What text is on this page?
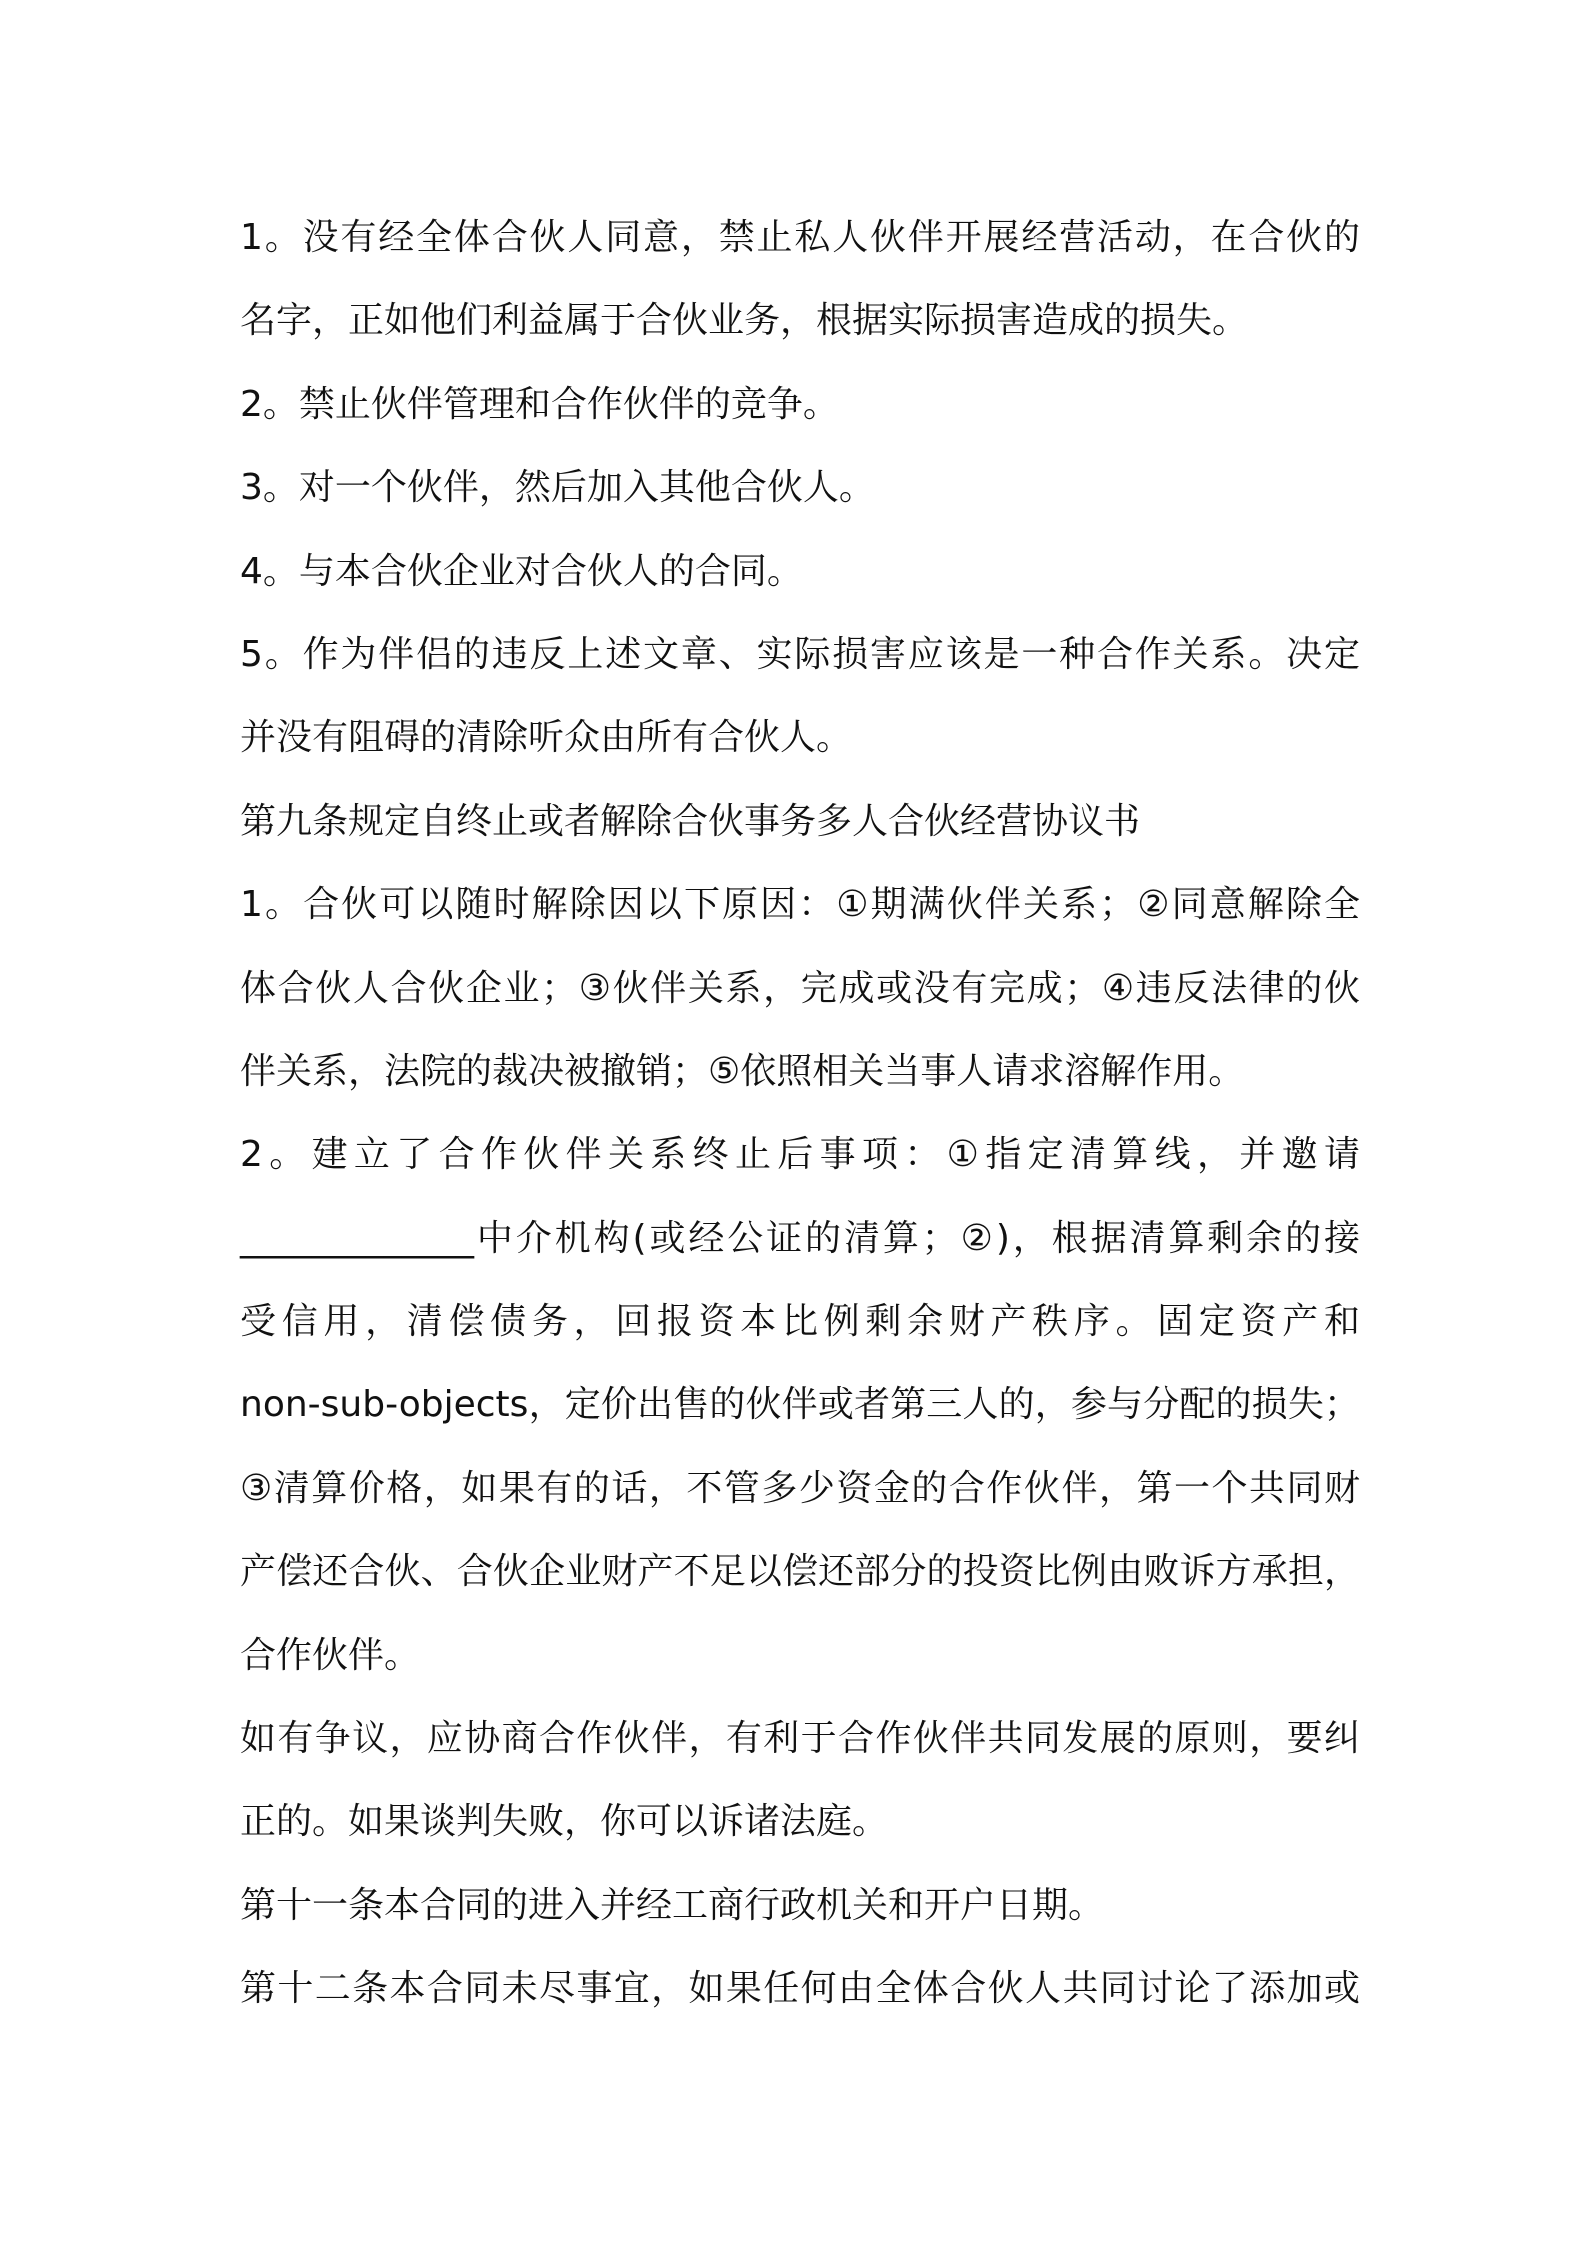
1。没有经全体合伙人同意，禁止私人伙伴开展经营活动，在合伙的
名字，正如他们利益属于合伙业务，根据实际损害造成的损失。
2。禁止伙伴管理和合作伙伴的竞争。
3。对一个伙伴，然后加入其他合伙人。
4。与本合伙企业对合伙人的合同。
5。作为伴侣的违反上述文章、实际损害应该是一种合作关系。决定
并没有阻碍的清除听众由所有合伙人。
第九条规定自终止或者解除合伙事务多人合伙经营协议书
1。合伙可以随时解除因以下原因：①期满伙伴关系；②同意解除全
体合伙人合伙企业；③伙伴关系，完成或没有完成；④违反法律的伙
伴关系，法院的裁决被撤销；⑤依照相关当事人请求溶解作用。
2。建立了合作伙伴关系终止后事项：①指定清算线，并邀请
_____________中介机构(或经公证的清算；②)，根据清算剩余的接
受信用，清偿债务，回报资本比例剩余财产秩序。固定资产和
non-sub-objects，定价出售的伙伴或者第三人的，参与分配的损失；
③清算价格，如果有的话，不管多少资金的合作伙伴，第一个共同财
产偿还合伙、合伙企业财产不足以偿还部分的投资比例由败诉方承担，
合作伙伴。
如有争议，应协商合作伙伴，有利于合作伙伴共同发展的原则，要纠
正的。如果谈判失败，你可以诉诸法庭。
第十一条本合同的进入并经工商行政机关和开户日期。
第十二条本合同未尽事宜，如果任何由全体合伙人共同讨论了添加或
